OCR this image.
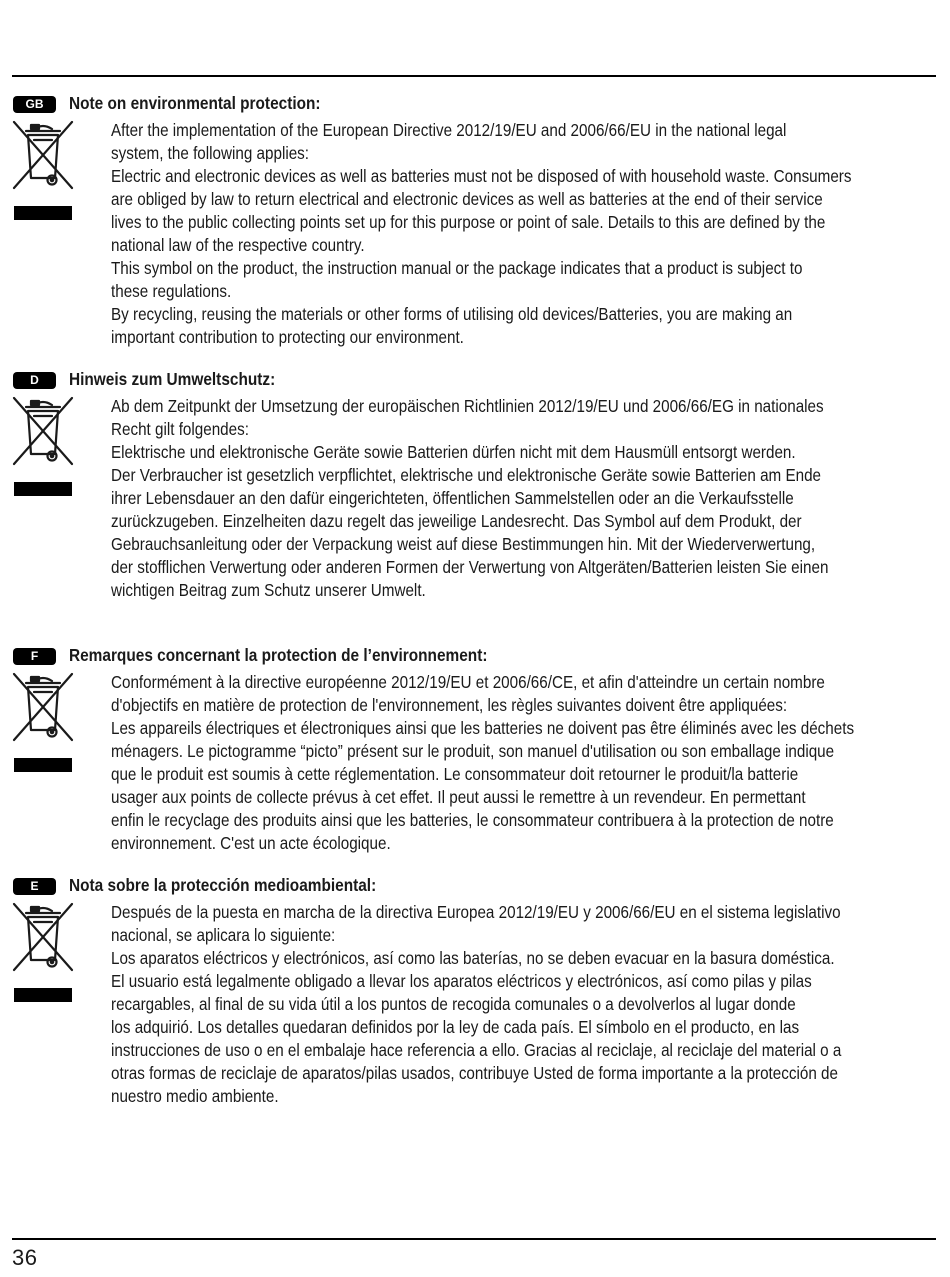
GB	Note on environmental protection:
After the implementation of the European Directive 2012/19/EU and 2006/66/EU in the national legal
system, the following applies:
Electric and electronic devices as well as batteries must not be disposed of with household waste. Consumers
are obliged by law to return electrical and electronic devices as well as batteries at the end of their service
lives to the public collecting points set up for this purpose or point of sale. Details to this are defined by the
national law of the respective country.
This symbol on the product, the instruction manual or the package indicates that a product is subject to
these regulations.
By recycling, reusing the materials or other forms of utilising old devices/Batteries, you are making an
important contribution to protecting our environment.
D	Hinweis zum Umweltschutz:
Ab dem Zeitpunkt der Umsetzung der europäischen Richtlinien 2012/19/EU und 2006/66/EG in nationales
Recht gilt folgendes:
Elektrische und elektronische Geräte sowie Batterien dürfen nicht mit dem Hausmüll entsorgt werden.
Der Verbraucher ist gesetzlich verpflichtet, elektrische und elektronische Geräte sowie Batterien am Ende
ihrer Lebensdauer an den dafür eingerichteten, öffentlichen Sammelstellen oder an die Verkaufsstelle
zurückzugeben. Einzelheiten dazu regelt das jeweilige Landesrecht. Das Symbol auf dem Produkt, der
Gebrauchsanleitung oder der Verpackung weist auf diese Bestimmungen hin. Mit der Wiederverwertung,
der stofflichen Verwertung oder anderen Formen der Verwertung von Altgeräten/Batterien leisten Sie einen
wichtigen Beitrag zum Schutz unserer Umwelt.
F	Remarques concernant la protection de l’environnement:
Conformément à la directive européenne 2012/19/EU et 2006/66/CE, et afin d'atteindre un certain nombre
d'objectifs en matière de protection de l'environnement, les règles suivantes doivent être appliquées:
Les appareils électriques et électroniques ainsi que les batteries ne doivent pas être éliminés avec les déchets
ménagers. Le pictogramme “picto” présent sur le produit, son manuel d'utilisation ou son emballage indique
que le produit est soumis à cette réglementation. Le consommateur doit retourner le produit/la batterie
usager aux points de collecte prévus à cet effet. Il peut aussi le remettre à un revendeur. En permettant
enfin le recyclage des produits ainsi que les batteries, le consommateur contribuera à la protection de notre
environnement. C'est un acte écologique.
E	Nota sobre la protección medioambiental:
Después de la puesta en marcha de la directiva Europea 2012/19/EU y 2006/66/EU en el sistema legislativo
nacional, se aplicara lo siguiente:
Los aparatos eléctricos y electrónicos, así como las baterías, no se deben evacuar en la basura doméstica.
El usuario está legalmente obligado a llevar los aparatos eléctricos y electrónicos, así como pilas y pilas
recargables, al final de su vida útil a los puntos de recogida comunales o a devolverlos al lugar donde
los adquirió. Los detalles quedaran definidos por la ley de cada país. El símbolo en el producto, en las
instrucciones de uso o en el embalaje hace referencia a ello. Gracias al reciclaje, al reciclaje del material o a
otras formas de reciclaje de aparatos/pilas usados, contribuye Usted de forma importante a la protección de
nuestro medio ambiente.
36
